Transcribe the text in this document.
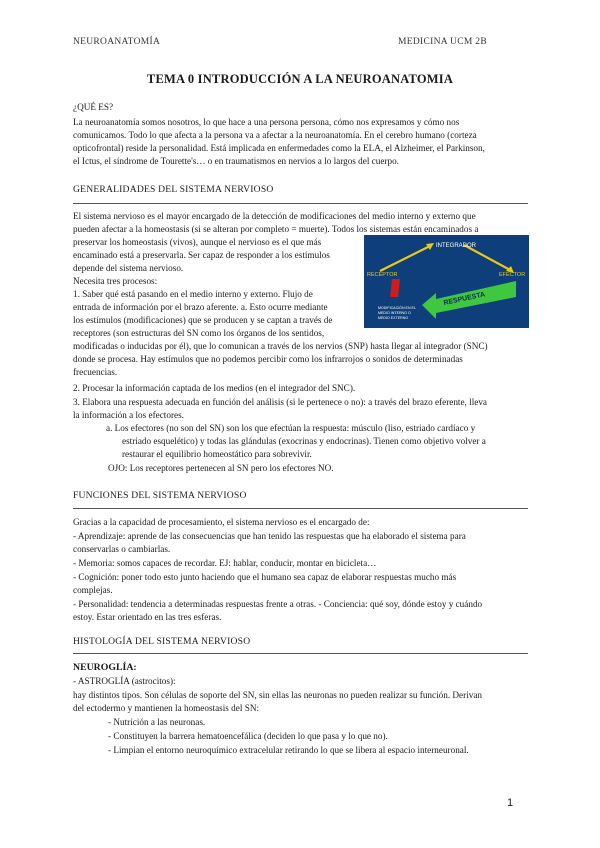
NEUROANATOMÍA	MEDICINA UCM 2B
TEMA 0 INTRODUCCIÓN A LA NEUROANATOMIA
¿QUÉ ES?
La neuroanatomía somos nosotros, lo que hace a una persona persona, cómo nos expresamos y cómo nos
comunicamos. Todo lo que afecta a la persona va a afectar a la neuroanatomía. En el cerebro humano (corteza
opticofrontal) reside la personalidad. Está implicada en enfermedades como la ELA, el Alzheimer, el Parkinson,
el Ictus, el síndrome de Tourette's… o en traumatismos en nervios a lo largos del cuerpo.
GENERALIDADES DEL SISTEMA NERVIOSO
El sistema nervioso es el mayor encargado de la detección de modificaciones del medio interno y externo que
pueden afectar a la homeostasis (si se alteran por completo = muerte). Todos los sistemas están encaminados a
preservar los homeostasis (vivos), aunque el nervioso es el que más
encaminado está a preservarla. Ser capaz de responder a los estímulos
depende del sistema nervioso.
Necesita tres procesos:
1. Saber qué está pasando en el medio interno y externo. Flujo de
entrada de información por el brazo aferente. a. Esto ocurre mediante
los estímulos (modificaciones) que se producen y se captan a través de
receptores (son estructuras del SN como los órganos de los sentidos,
INTEGRADOR
RECEPTOR	EFECTOR
RESPUESTA
MODIFICACIÓN EN EL
MEDIO INTERNO O
MEDIO EXTERNO
modificadas o inducidas por él), que lo comunican a través de los nervios (SNP) hasta llegar al integrador (SNC)
donde se procesa. Hay estímulos que no podemos percibir como los infrarrojos o sonidos de determinadas
frecuencias.
2. Procesar la información captada de los medios (en el integrador del SNC).
3. Elabora una respuesta adecuada en función del análisis (si le pertenece o no): a través del brazo eferente, lleva
la información a los efectores.
a. Los efectores (no son del SN) son los que efectúan la respuesta: músculo (liso, estriado cardíaco y
estriado esquelético) y todas las glándulas (exocrinas y endocrinas). Tienen como objetivo volver a
restaurar el equilibrio homeostático para sobrevivir.
OJO: Los receptores pertenecen al SN pero los efectores NO.
FUNCIONES DEL SISTEMA NERVIOSO
Gracias a la capacidad de procesamiento, el sistema nervioso es el encargado de:
- Aprendizaje: aprende de las consecuencias que han tenido las respuestas que ha elaborado el sistema para
conservarlas o cambiarlas.
- Memoria: somos capaces de recordar. EJ: hablar, conducir, montar en bicicleta…
- Cognición: poner todo esto junto haciendo que el humano sea capaz de elaborar respuestas mucho más
complejas.
- Personalidad: tendencia a determinadas respuestas frente a otras. - Conciencia: qué soy, dónde estoy y cuándo
estoy. Estar orientado en las tres esferas.
HISTOLOGÍA DEL SISTEMA NERVIOSO
NEUROGLÍA:
- ASTROGLÍA (astrocitos):
hay distintos tipos. Son células de soporte del SN, sin ellas las neuronas no pueden realizar su función. Derivan
del ectodermo y mantienen la homeostasis del SN:
- Nutrición a las neuronas.
- Constituyen la barrera hematoencefálica (deciden lo que pasa y lo que no).
- Limpian el entorno neuroquímico extracelular retirando lo que se libera al espacio interneuronal.
1
